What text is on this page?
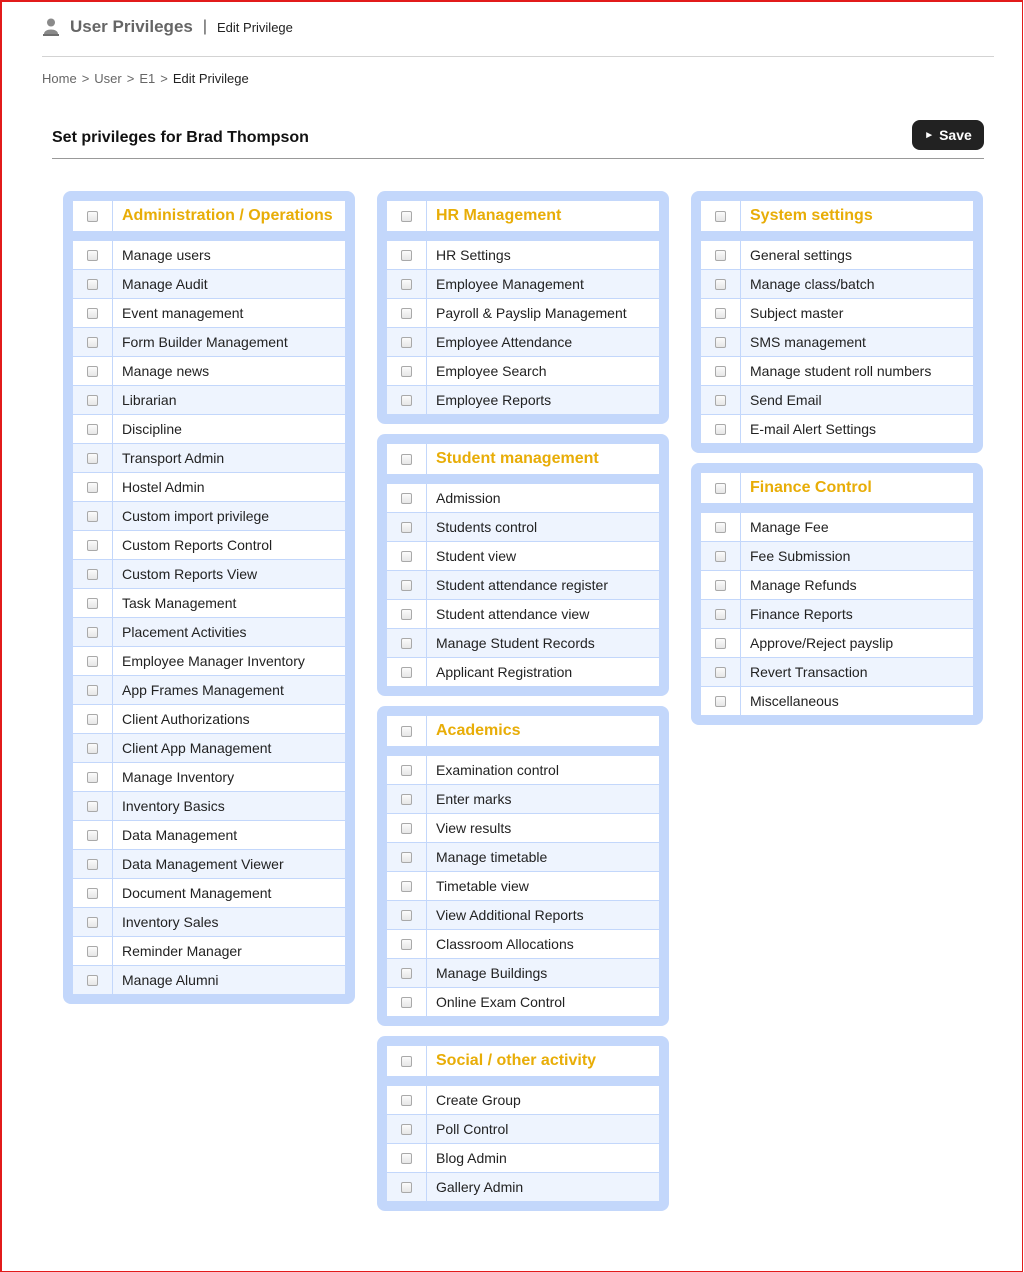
User Privileges | Edit Privilege
Home > User > E1 > Edit Privilege
Set privileges for Brad Thompson	► Save
Administration / Operations
Manage users
Manage Audit
Event management
Form Builder Management
Manage news
Librarian
Discipline
Transport Admin
Hostel Admin
Custom import privilege
Custom Reports Control
Custom Reports View
Task Management
Placement Activities
Employee Manager Inventory
App Frames Management
Client Authorizations
Client App Management
Manage Inventory
Inventory Basics
Data Management
Data Management Viewer
Document Management
Inventory Sales
Reminder Manager
Manage Alumni
HR Management
HR Settings
Employee Management
Payroll & Payslip Management
Employee Attendance
Employee Search
Employee Reports
Student management
Admission
Students control
Student view
Student attendance register
Student attendance view
Manage Student Records
Applicant Registration
Academics
Examination control
Enter marks
View results
Manage timetable
Timetable view
View Additional Reports
Classroom Allocations
Manage Buildings
Online Exam Control
Social / other activity
Create Group
Poll Control
Blog Admin
Gallery Admin
System settings
General settings
Manage class/batch
Subject master
SMS management
Manage student roll numbers
Send Email
E-mail Alert Settings
Finance Control
Manage Fee
Fee Submission
Manage Refunds
Finance Reports
Approve/Reject payslip
Revert Transaction
Miscellaneous
